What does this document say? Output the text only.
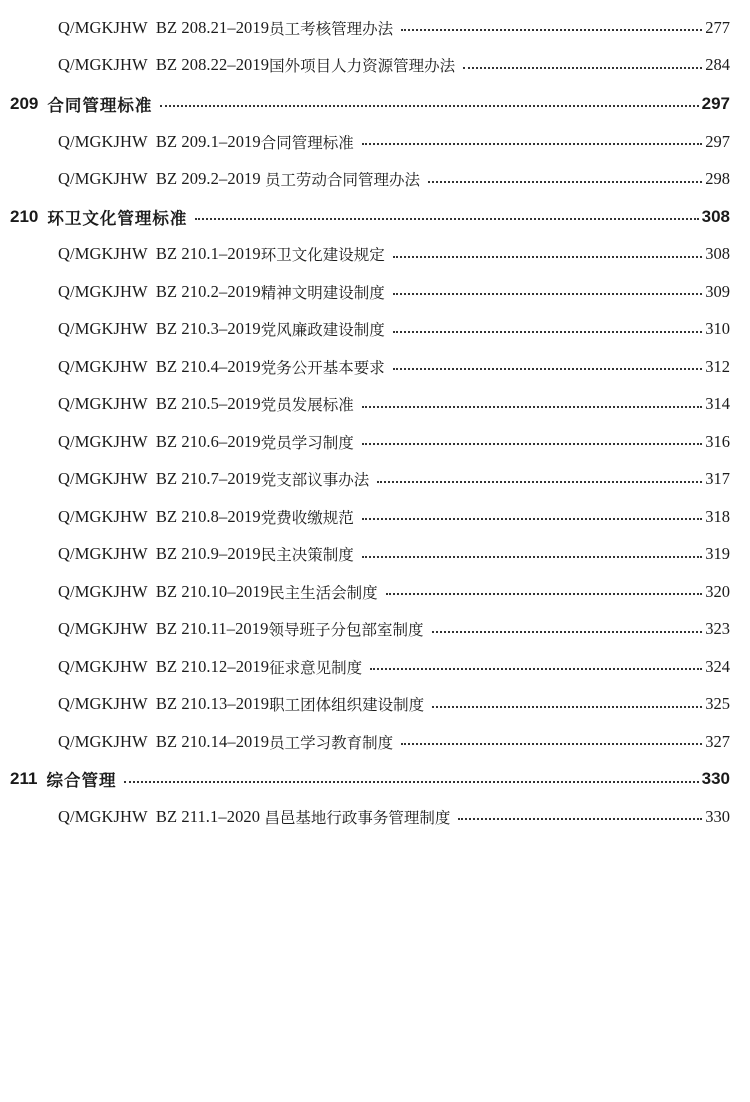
Q/MGKJHW  BZ 208.21–2019 员工考核管理办法	277
Q/MGKJHW  BZ 208.22–2019 国外项目人力资源管理办法	284
209 合同管理标准	297
Q/MGKJHW  BZ 209.1–2019 合同管理标准	297
Q/MGKJHW  BZ 209.2–2019 员工劳动合同管理办法	298
210 环卫文化管理标准	308
Q/MGKJHW  BZ 210.1–2019 环卫文化建设规定	308
Q/MGKJHW  BZ 210.2–2019 精神文明建设制度	309
Q/MGKJHW  BZ 210.3–2019 党风廉政建设制度	310
Q/MGKJHW  BZ 210.4–2019 党务公开基本要求	312
Q/MGKJHW  BZ 210.5–2019 党员发展标准	314
Q/MGKJHW  BZ 210.6–2019 党员学习制度	316
Q/MGKJHW  BZ 210.7–2019 党支部议事办法	317
Q/MGKJHW  BZ 210.8–2019 党费收缴规范	318
Q/MGKJHW  BZ 210.9–2019 民主决策制度	319
Q/MGKJHW  BZ 210.10–2019 民主生活会制度	320
Q/MGKJHW  BZ 210.11–2019 领导班子分包部室制度	323
Q/MGKJHW  BZ 210.12–2019 征求意见制度	324
Q/MGKJHW  BZ 210.13–2019 职工团体组织建设制度	325
Q/MGKJHW  BZ 210.14–2019 员工学习教育制度	327
211 综合管理	330
Q/MGKJHW  BZ 211.1–2020 昌邑基地行政事务管理制度	330
